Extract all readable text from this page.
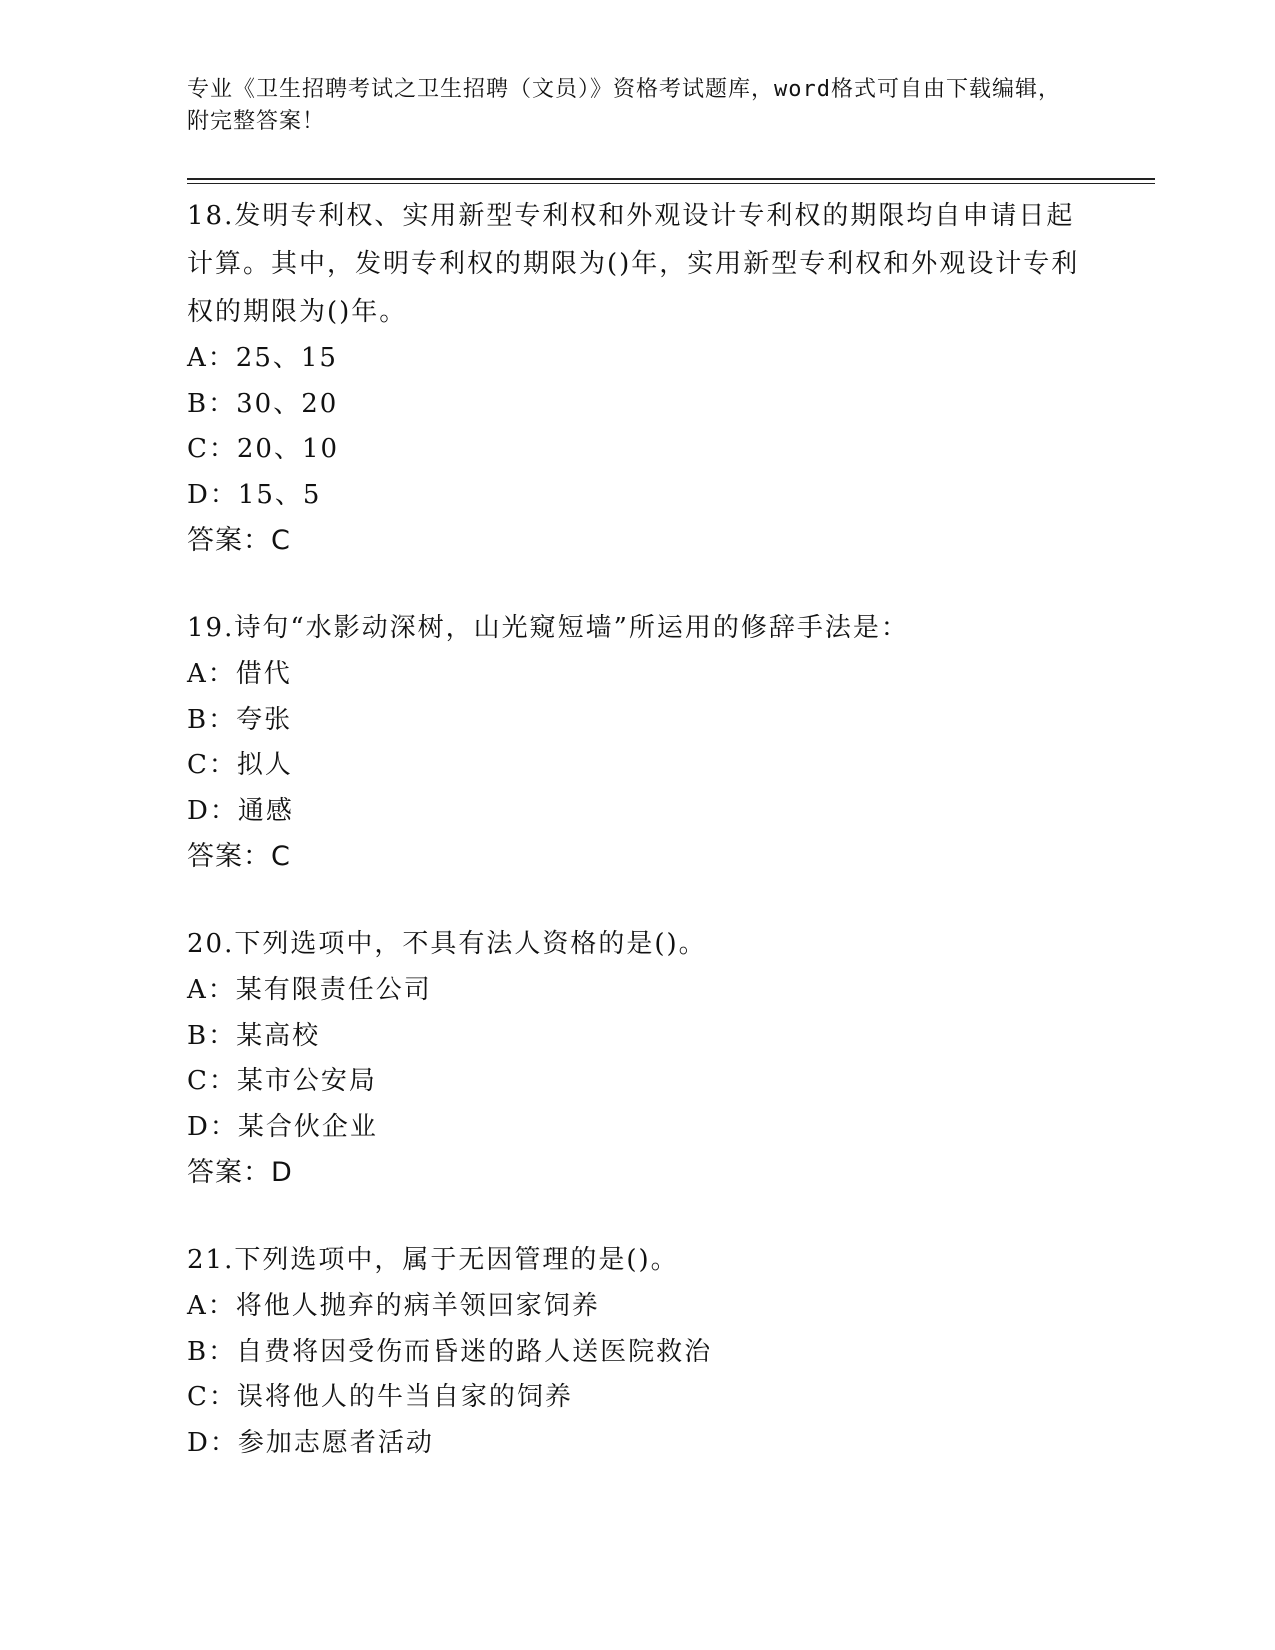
专业《卫生招聘考试之卫生招聘（文员）》资格考试题库，word格式可自由下载编辑，附完整答案！
18.发明专利权、实用新型专利权和外观设计专利权的期限均自申请日起计算。其中，发明专利权的期限为()年，实用新型专利权和外观设计专利权的期限为()年。
A：25、15
B：30、20
C：20、10
D：15、5
答案：C
19.诗句“水影动深树，山光窥短墙”所运用的修辞手法是：
A：借代
B：夸张
C：拟人
D：通感
答案：C
20.下列选项中，不具有法人资格的是()。
A：某有限责任公司
B：某高校
C：某市公安局
D：某合伙企业
答案：D
21.下列选项中，属于无因管理的是()。
A：将他人抛弃的病羊领回家饲养
B：自费将因受伤而昏迷的路人送医院救治
C：误将他人的牛当自家的饲养
D：参加志愿者活动
